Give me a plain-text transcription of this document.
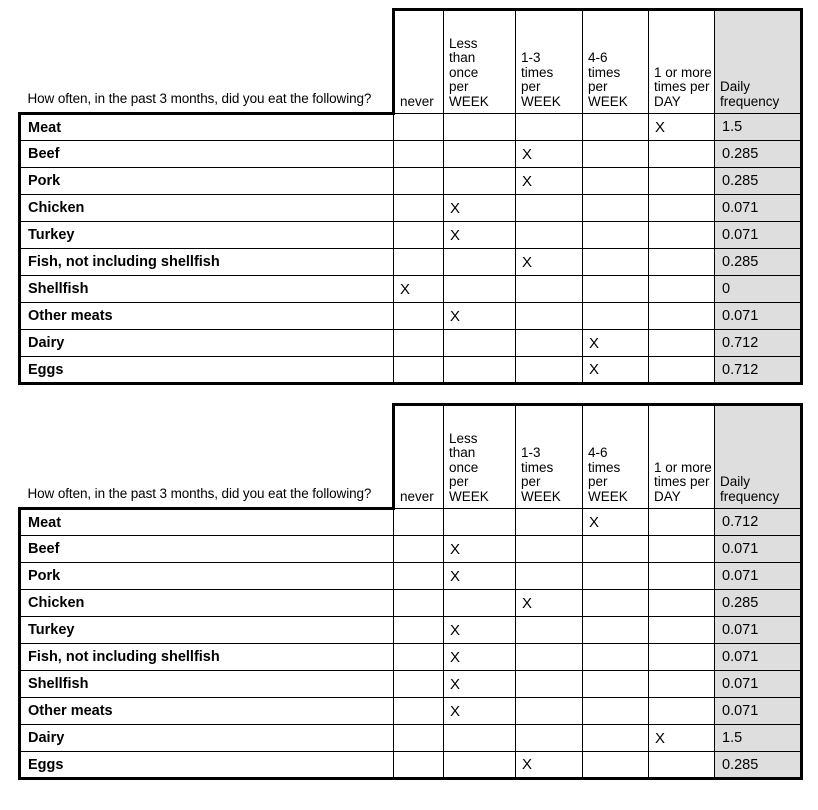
How often, in the past 3 months, did you eat the following?	never	Less
than
once
per
WEEK	1-3
times
per
WEEK	4-6
times
per
WEEK	1 or more
times per
DAY	Daily
frequency

Meat					X	1.5
Beef			X			0.285
Pork			X			0.285
Chicken		X				0.071
Turkey		X				0.071
Fish, not including shellfish			X			0.285
Shellfish	X					0
Other meats		X				0.071
Dairy				X		0.712
Eggs				X		0.712
How often, in the past 3 months, did you eat the following?	never	Less
than
once
per
WEEK	1-3
times
per
WEEK	4-6
times
per
WEEK	1 or more
times per
DAY	Daily
frequency

Meat				X		0.712
Beef		X				0.071
Pork		X				0.071
Chicken			X			0.285
Turkey		X				0.071
Fish, not including shellfish		X				0.071
Shellfish		X				0.071
Other meats		X				0.071
Dairy					X	1.5
Eggs			X			0.285
